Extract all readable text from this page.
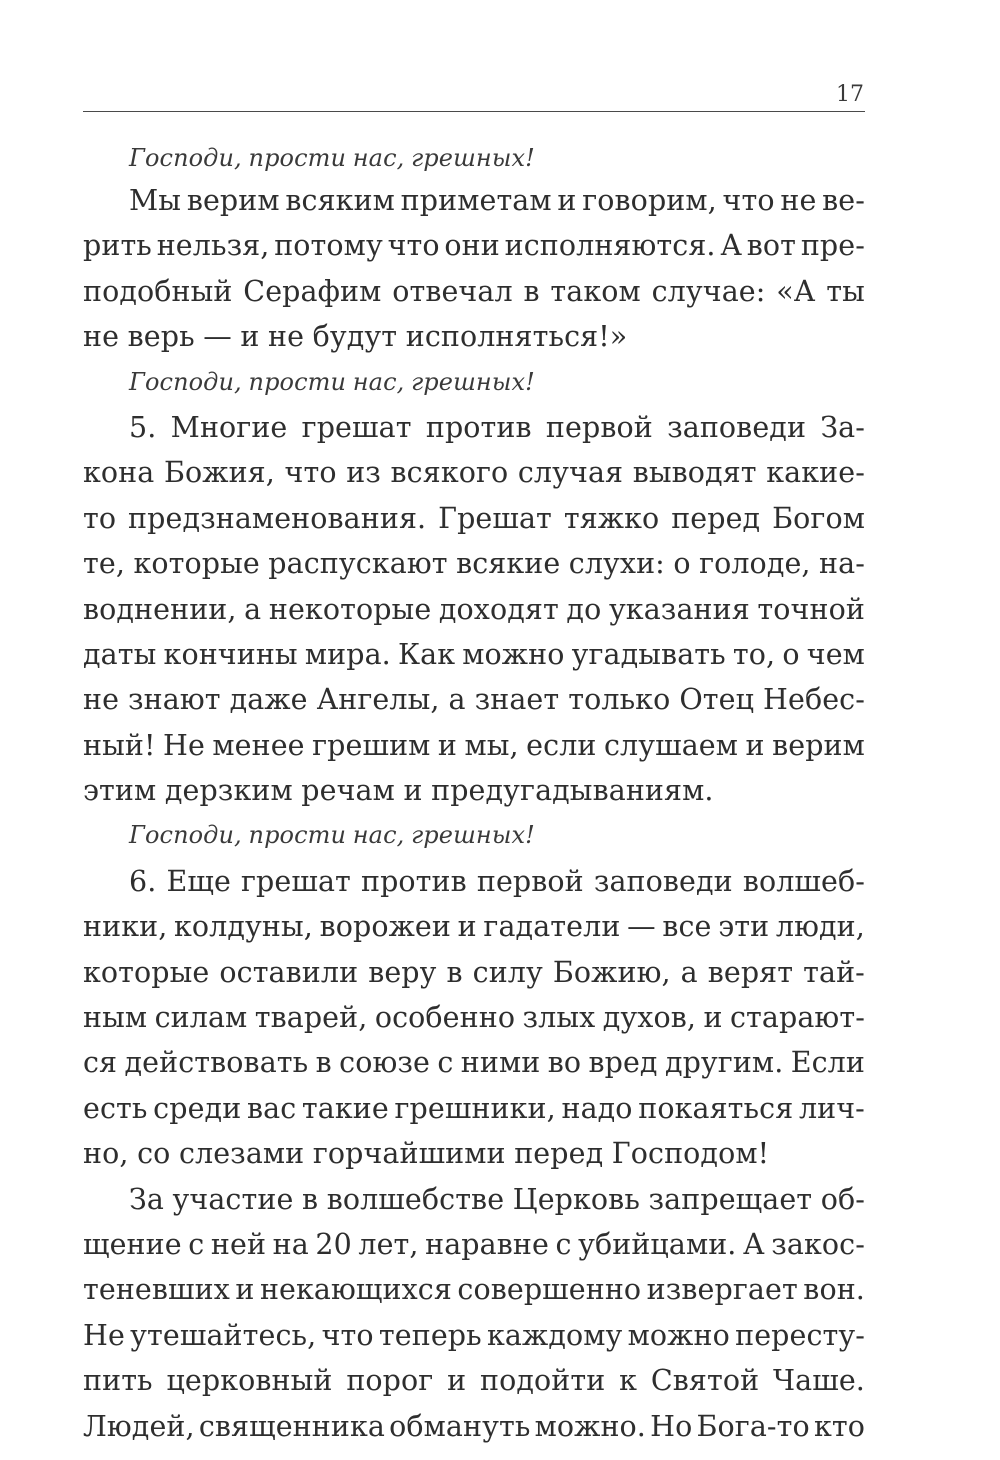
17
Господи, прости нас, грешных!
Мы верим всяким приметам и говорим, что не ве-
рить нельзя, потому что они исполняются. А вот пре-
подобный Серафим отвечал в таком случае: «А ты
не верь — и не будут исполняться!»
Господи, прости нас, грешных!
5. Многие грешат против первой заповеди За-
кона Божия, что из всякого случая выводят какие-
то предзнаменования. Грешат тяжко перед Богом
те, которые распускают всякие слухи: о голоде, на-
воднении, а некоторые доходят до указания точной
даты кончины мира. Как можно угадывать то, о чем
не знают даже Ангелы, а знает только Отец Небес-
ный! Не менее грешим и мы, если слушаем и верим
этим дерзким речам и предугадываниям.
Господи, прости нас, грешных!
6. Еще грешат против первой заповеди волшеб-
ники, колдуны, ворожеи и гадатели — все эти люди,
которые оставили веру в силу Божию, а верят тай-
ным силам тварей, особенно злых духов, и старают-
ся действовать в союзе с ними во вред другим. Если
есть среди вас такие грешники, надо покаяться лич-
но, со слезами горчайшими перед Господом!
За участие в волшебстве Церковь запрещает об-
щение с ней на 20 лет, наравне с убийцами. А закос-
теневших и некающихся совершенно извергает вон.
Не утешайтесь, что теперь каждому можно пересту-
пить церковный порог и подойти к Святой Чаше.
Людей, священника обмануть можно. Но Бога-то кто
